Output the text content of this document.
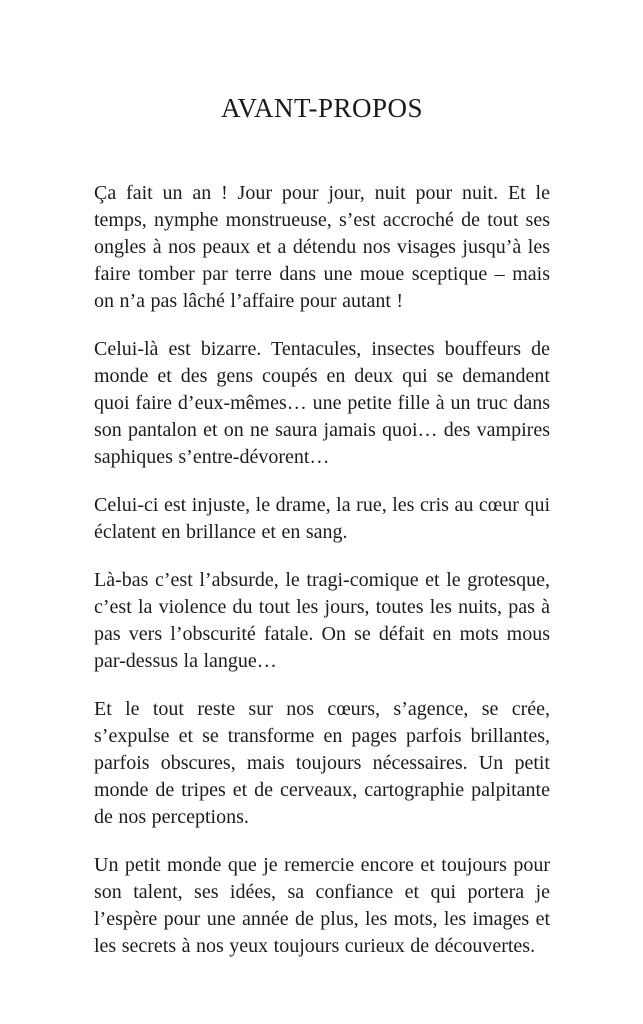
AVANT-PROPOS

Ça fait un an ! Jour pour jour, nuit pour nuit. Et le temps, nymphe monstrueuse, s’est accroché de tout ses ongles à nos peaux et a détendu nos visages jusqu’à les faire tomber par terre dans une moue sceptique – mais on n’a pas lâché l’affaire pour autant !

Celui-là est bizarre. Tentacules, insectes bouffeurs de monde et des gens coupés en deux qui se demandent quoi faire d’eux-mêmes… une petite fille à un truc dans son pantalon et on ne saura jamais quoi… des vampires saphiques s’entre-dévorent…

Celui-ci est injuste, le drame, la rue, les cris au cœur qui éclatent en brillance et en sang.

Là-bas c’est l’absurde, le tragi-comique et le grotesque, c’est la violence du tout les jours, toutes les nuits, pas à pas vers l’obscurité fatale. On se défait en mots mous par-dessus la langue…

Et le tout reste sur nos cœurs, s’agence, se crée, s’expulse et se transforme en pages parfois brillantes, parfois obscures, mais toujours nécessaires. Un petit monde de tripes et de cerveaux, cartographie palpitante de nos perceptions.

Un petit monde que je remercie encore et toujours pour son talent, ses idées, sa confiance et qui portera je l’espère pour une année de plus, les mots, les images et les secrets à nos yeux toujours curieux de découvertes.
